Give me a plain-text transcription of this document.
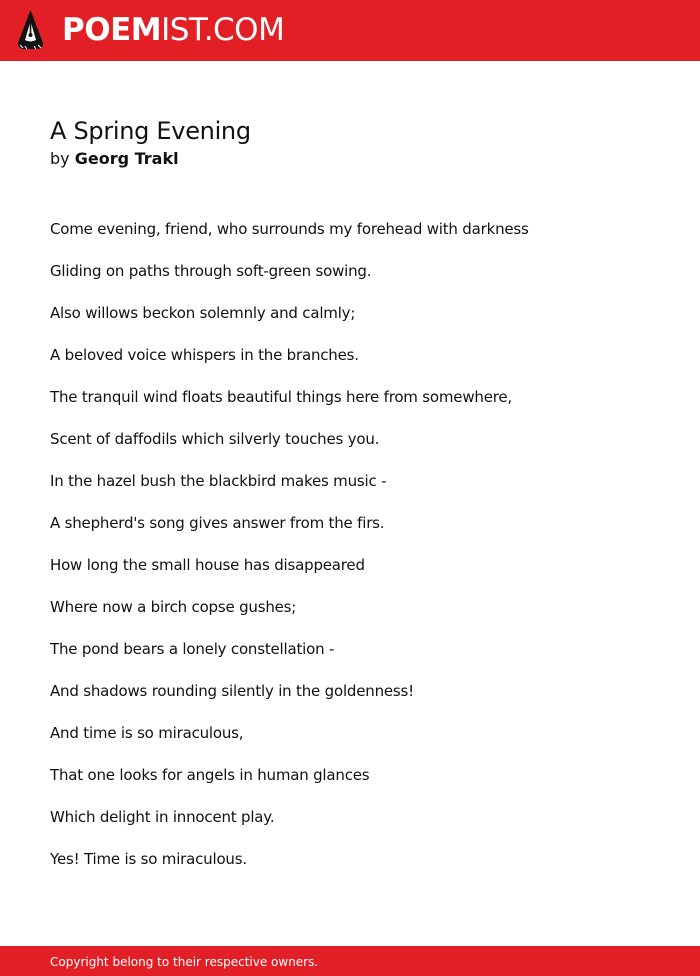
POEMIST.COM
A Spring Evening
by Georg Trakl
Come evening, friend, who surrounds my forehead with darkness
Gliding on paths through soft-green sowing.
Also willows beckon solemnly and calmly;
A beloved voice whispers in the branches.
The tranquil wind floats beautiful things here from somewhere,
Scent of daffodils which silverly touches you.
In the hazel bush the blackbird makes music -
A shepherd's song gives answer from the firs.
How long the small house has disappeared
Where now a birch copse gushes;
The pond bears a lonely constellation -
And shadows rounding silently in the goldenness!
And time is so miraculous,
That one looks for angels in human glances
Which delight in innocent play.
Yes! Time is so miraculous.
Copyright belong to their respective owners.
